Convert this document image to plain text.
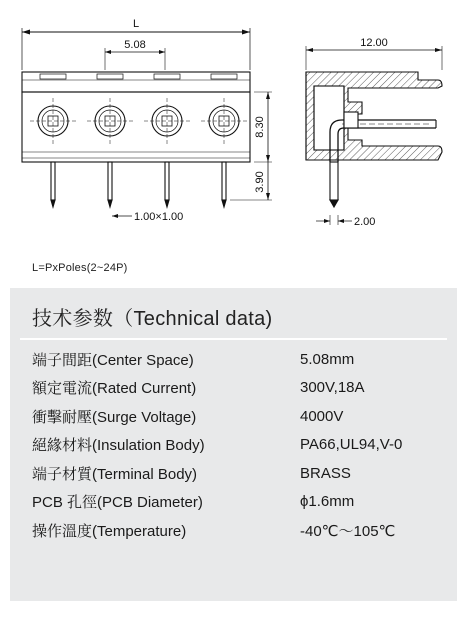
L
5.08
8.30
3.90
1.00×1.00
12.00
2.00
L=PxPoles(2~24P)
技术参数（Technical data)
端子間距(Center Space)	5.08mm
額定電流(Rated Current)	300V,18A
衝擊耐壓(Surge Voltage)	4000V
絕緣材料(Insulation Body)	PA66,UL94,V-0
端子材質(Terminal Body)	BRASS
PCB 孔徑(PCB Diameter)	ϕ1.6mm
操作溫度(Temperature)	-40℃～105℃
